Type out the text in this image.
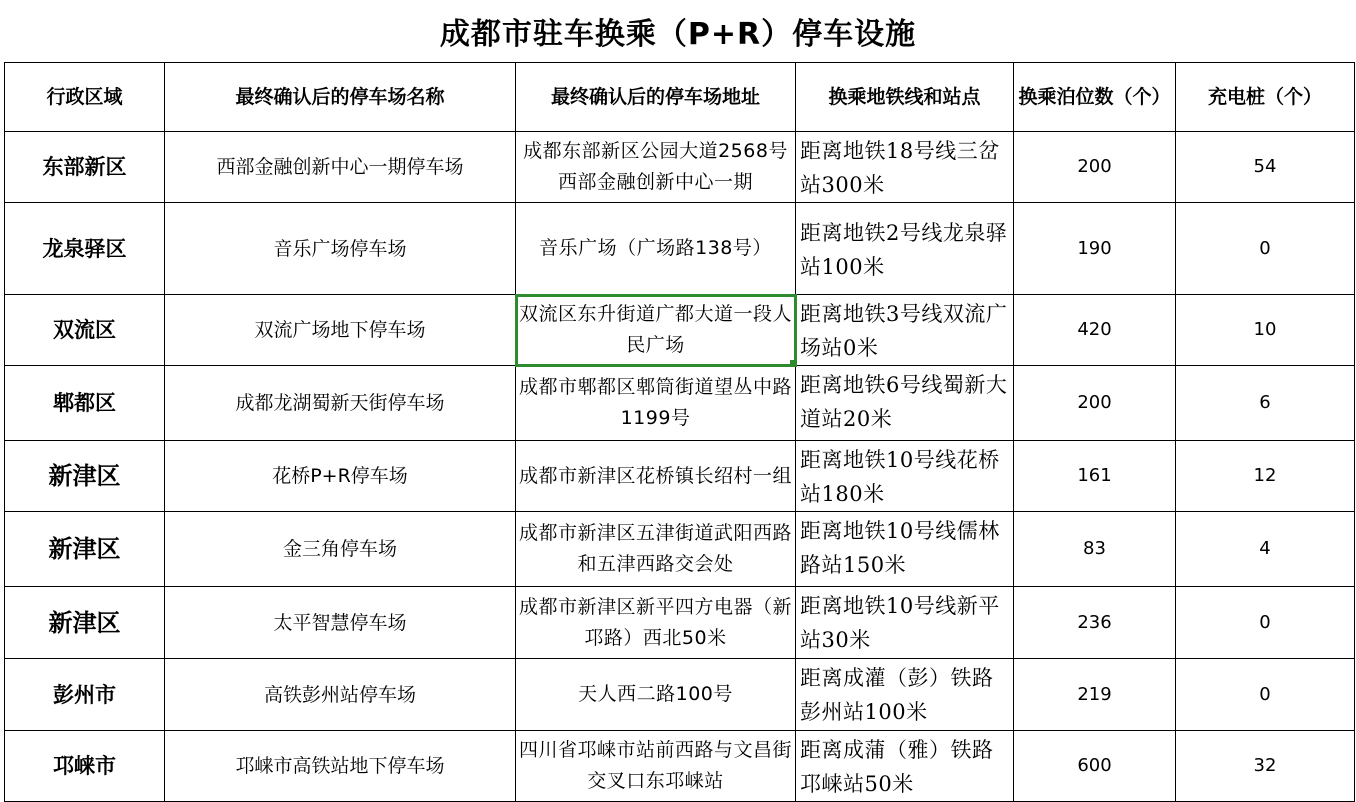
成都市驻车换乘（P+R）停车设施
行政区域	最终确认后的停车场名称	最终确认后的停车场地址	换乘地铁线和站点	换乘泊位数（个）	充电桩（个）
东部新区	西部金融创新中心一期停车场	成都东部新区公园大道2568号西部金融创新中心一期	距离地铁18号线三岔站300米	200	54
龙泉驿区	音乐广场停车场	音乐广场（广场路138号）	距离地铁2号线龙泉驿站100米	190	0
双流区	双流广场地下停车场	双流区东升街道广都大道一段人民广场	距离地铁3号线双流广场站0米	420	10
郫都区	成都龙湖蜀新天街停车场	成都市郫都区郫筒街道望丛中路1199号	距离地铁6号线蜀新大道站20米	200	6
新津区	花桥P+R停车场	成都市新津区花桥镇长绍村一组	距离地铁10号线花桥站180米	161	12
新津区	金三角停车场	成都市新津区五津街道武阳西路和五津西路交会处	距离地铁10号线儒林路站150米	83	4
新津区	太平智慧停车场	成都市新津区新平四方电器（新邛路）西北50米	距离地铁10号线新平站30米	236	0
彭州市	高铁彭州站停车场	天人西二路100号	距离成灌（彭）铁路彭州站100米	219	0
邛崃市	邛崃市高铁站地下停车场	四川省邛崃市站前西路与文昌街交叉口东邛崃站	距离成蒲（雅）铁路邛崃站50米	600	32
